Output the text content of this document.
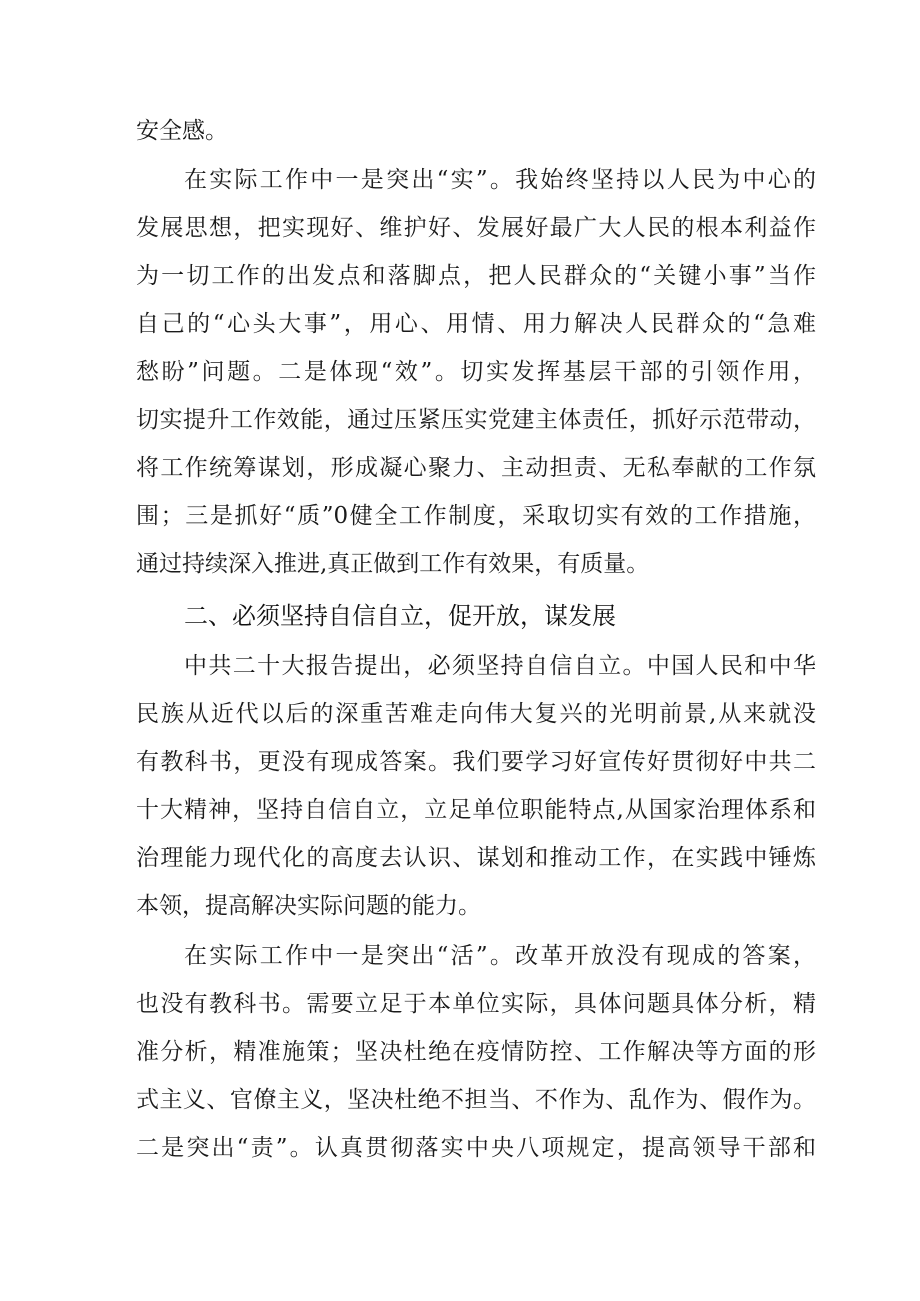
安全感。
在实际工作中一是突出“实”。我始终坚持以人民为中心的
发展思想，把实现好、维护好、发展好最广大人民的根本利益作
为一切工作的出发点和落脚点，把人民群众的“关键小事”当作
自己的“心头大事”，用心、用情、用力解决人民群众的“急难
愁盼”问题。二是体现“效”。切实发挥基层干部的引领作用，
切实提升工作效能，通过压紧压实党建主体责任，抓好示范带动，
将工作统筹谋划，形成凝心聚力、主动担责、无私奉献的工作氛
围；三是抓好“质”0健全工作制度，采取切实有效的工作措施，
通过持续深入推进,真正做到工作有效果，有质量。
二、必须坚持自信自立，促开放，谋发展
中共二十大报告提出，必须坚持自信自立。中国人民和中华
民族从近代以后的深重苦难走向伟大复兴的光明前景,从来就没
有教科书，更没有现成答案。我们要学习好宣传好贯彻好中共二
十大精神，坚持自信自立，立足单位职能特点,从国家治理体系和
治理能力现代化的高度去认识、谋划和推动工作，在实践中锤炼
本领，提高解决实际问题的能力。
在实际工作中一是突出“活”。改革开放没有现成的答案，
也没有教科书。需要立足于本单位实际，具体问题具体分析，精
准分析，精准施策；坚决杜绝在疫情防控、工作解决等方面的形
式主义、官僚主义，坚决杜绝不担当、不作为、乱作为、假作为。
二是突出“责”。认真贯彻落实中央八项规定，提高领导干部和
